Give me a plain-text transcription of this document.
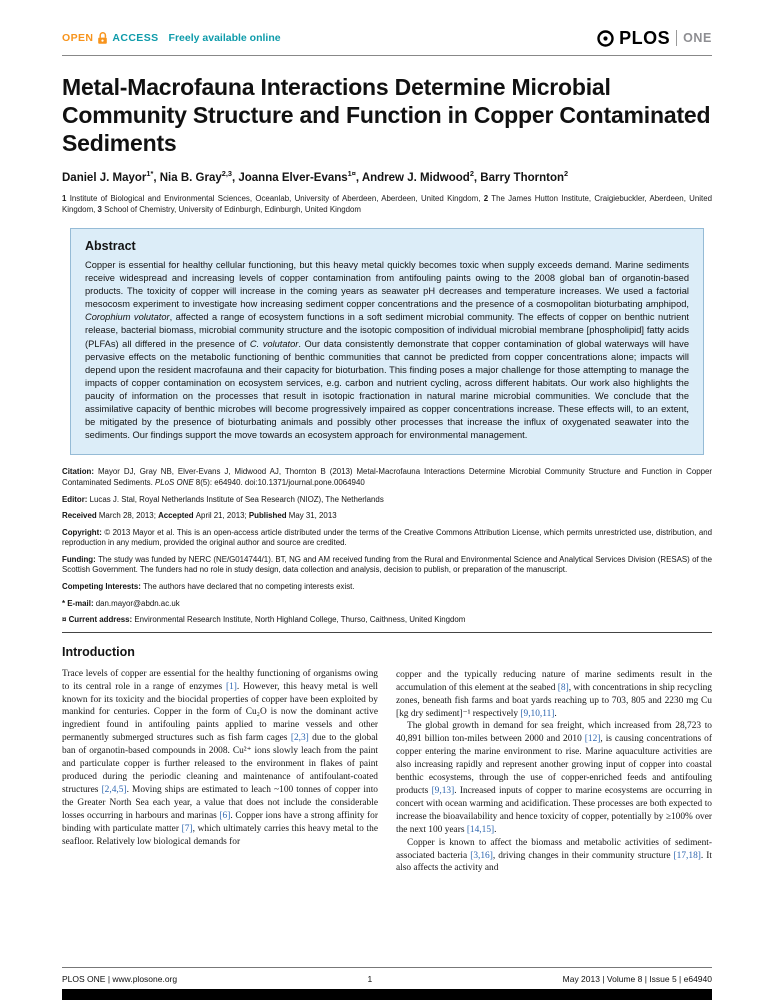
OPEN ACCESS Freely available online	PLOS ONE
Metal-Macrofauna Interactions Determine Microbial Community Structure and Function in Copper Contaminated Sediments

Daniel J. Mayor$^{1*}$, Nia B. Gray$^{2,3}$, Joanna Elver-Evans$^{1¤}$, Andrew J. Midwood$^2$, Barry Thornton$^2$

1 Institute of Biological and Environmental Sciences, Oceanlab, University of Aberdeen, Aberdeen, United Kingdom, 2 The James Hutton Institute, Craigiebuckler, Aberdeen, United Kingdom, 3 School of Chemistry, University of Edinburgh, Edinburgh, United Kingdom

Abstract

Copper is essential for healthy cellular functioning, but this heavy metal quickly becomes toxic when supply exceeds demand. Marine sediments receive widespread and increasing levels of copper contamination from antifouling paints owing to the 2008 global ban of organotin-based products. The toxicity of copper will increase in the coming years as seawater pH decreases and temperature increases. We used a factorial mesocosm experiment to investigate how increasing sediment copper concentrations and the presence of a cosmopolitan bioturbating amphipod, Corophium volutator, affected a range of ecosystem functions in a soft sediment microbial community. The effects of copper on benthic nutrient release, bacterial biomass, microbial community structure and the isotopic composition of individual microbial membrane [phospholipid] fatty acids (PLFAs) all differed in the presence of C. volutator. Our data consistently demonstrate that copper contamination of global waterways will have pervasive effects on the metabolic functioning of benthic communities that cannot be predicted from copper concentrations alone; impacts will depend upon the resident macrofauna and their capacity for bioturbation. This finding poses a major challenge for those attempting to manage the impacts of copper contamination on ecosystem services, e.g. carbon and nutrient cycling, across different habitats. Our work also highlights the paucity of information on the processes that result in isotopic fractionation in natural marine microbial communities. We conclude that the assimilative capacity of benthic microbes will become progressively impaired as copper concentrations increase. These effects will, to an extent, be mitigated by the presence of bioturbating animals and possibly other processes that increase the influx of oxygenated seawater into the sediments. Our findings support the move towards an ecosystem approach for environmental management.

Citation: Mayor DJ, Gray NB, Elver-Evans J, Midwood AJ, Thornton B (2013) Metal-Macrofauna Interactions Determine Microbial Community Structure and Function in Copper Contaminated Sediments. PLoS ONE 8(5): e64940. doi:10.1371/journal.pone.0064940

Editor: Lucas J. Stal, Royal Netherlands Institute of Sea Research (NIOZ), The Netherlands

Received March 28, 2013; Accepted April 21, 2013; Published May 31, 2013

Copyright: © 2013 Mayor et al. This is an open-access article distributed under the terms of the Creative Commons Attribution License, which permits unrestricted use, distribution, and reproduction in any medium, provided the original author and source are credited.

Funding: The study was funded by NERC (NE/G014744/1). BT, NG and AM received funding from the Rural and Environmental Science and Analytical Services Division (RESAS) of the Scottish Government. The funders had no role in study design, data collection and analysis, decision to publish, or preparation of the manuscript.

Competing Interests: The authors have declared that no competing interests exist.

* E-mail: dan.mayor@abdn.ac.uk

¤ Current address: Environmental Research Institute, North Highland College, Thurso, Caithness, United Kingdom

Introduction

Trace levels of copper are essential for the healthy functioning of organisms owing to its central role in a range of enzymes [1]. However, this heavy metal is well known for its toxicity and the biocidal properties of copper have been exploited by mankind for centuries. Copper in the form of Cu₂O is now the dominant active ingredient found in antifouling paints applied to marine vessels and other permanently submerged structures such as fish farm cages [2,3] due to the global ban of organotin-based compounds in 2008. Cu²⁺ ions slowly leach from the paint and particulate copper is further released to the environment in flakes of paint produced during the periodic cleaning and maintenance of antifoulant-coated structures [2,4,5]. Moving ships are estimated to leach ~100 tonnes of copper into the Greater North Sea each year, a value that does not include the considerable losses occurring in harbours and marinas [6]. Copper ions have a strong affinity for binding with particulate matter [7], which ultimately carries this heavy metal to the seafloor. Relatively low biological demands for

copper and the typically reducing nature of marine sediments result in the accumulation of this element at the seabed [8], with concentrations in ship recycling zones, beneath fish farms and boat yards reaching up to 703, 805 and 2230 mg Cu [kg dry sediment]⁻¹ respectively [9,10,11].

The global growth in demand for sea freight, which increased from 28,723 to 40,891 billion ton-miles between 2000 and 2010 [12], is causing concentrations of copper entering the marine environment to rise. Marine aquaculture activities are also increasing rapidly and represent another growing input of copper into coastal benthic ecosystems, through the use of copper-enriched feeds and antifouling products [9,13]. Increased inputs of copper to marine ecosystems are occurring in concert with ocean warming and acidification. These processes are both expected to increase the bioavailability and hence toxicity of copper, potentially by ≥100% over the next 100 years [14,15].

Copper is known to affect the biomass and metabolic activities of sediment-associated bacteria [3,16], driving changes in their community structure [17,18]. It also affects the activity and

PLOS ONE | www.plosone.org	1	May 2013 | Volume 8 | Issue 5 | e64940
